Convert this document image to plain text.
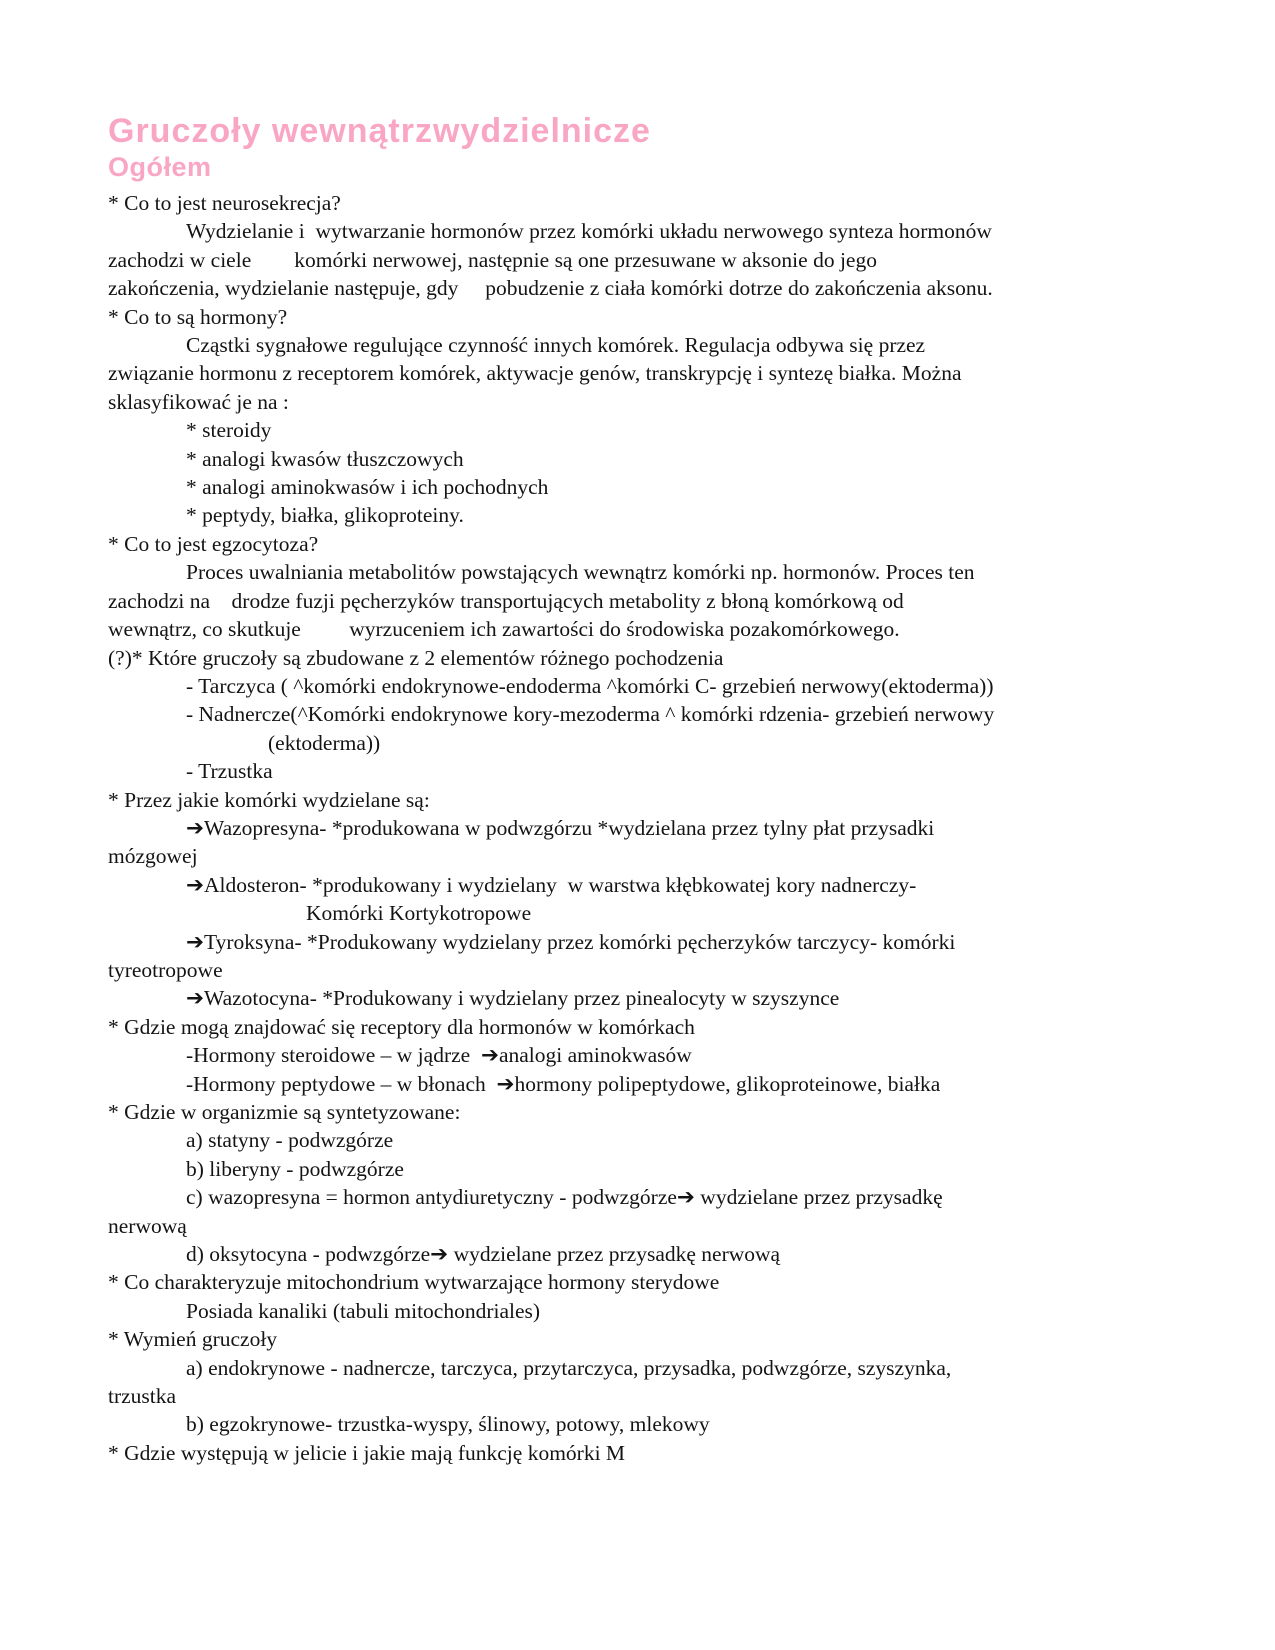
Gruczoły wewnątrzwydzielnicze
Ogółem
* Co to jest neurosekrecja?
Wydzielanie i  wytwarzanie hormonów przez komórki układu nerwowego synteza hormonów
zachodzi w ciele        komórki nerwowej, następnie są one przesuwane w aksonie do jego
zakończenia, wydzielanie następuje, gdy     pobudzenie z ciała komórki dotrze do zakończenia aksonu.
* Co to są hormony?
Cząstki sygnałowe regulujące czynność innych komórek. Regulacja odbywa się przez
związanie hormonu z receptorem komórek, aktywacje genów, transkrypcję i syntezę białka. Można
sklasyfikować je na :
* steroidy
* analogi kwasów tłuszczowych
* analogi aminokwasów i ich pochodnych
* peptydy, białka, glikoproteiny.
* Co to jest egzocytoza?
Proces uwalniania metabolitów powstających wewnątrz komórki np. hormonów. Proces ten
zachodzi na    drodze fuzji pęcherzyków transportujących metabolity z błoną komórkową od
wewnątrz, co skutkuje         wyrzuceniem ich zawartości do środowiska pozakomórkowego.
(?)* Które gruczoły są zbudowane z 2 elementów różnego pochodzenia
- Tarczyca ( ^komórki endokrynowe-endoderma ^komórki C- grzebień nerwowy(ektoderma))
- Nadnercze(^Komórki endokrynowe kory-mezoderma ^ komórki rdzenia- grzebień nerwowy
(ektoderma))
- Trzustka
* Przez jakie komórki wydzielane są:
➔Wazopresyna- *produkowana w podwzgórzu *wydzielana przez tylny płat przysadki
mózgowej
➔Aldosteron- *produkowany i wydzielany  w warstwa kłębkowatej kory nadnerczy-
Komórki Kortykotropowe
➔Tyroksyna- *Produkowany wydzielany przez komórki pęcherzyków tarczycy- komórki
tyreotropowe
➔Wazotocyna- *Produkowany i wydzielany przez pinealocyty w szyszynce
* Gdzie mogą znajdować się receptory dla hormonów w komórkach
-Hormony steroidowe – w jądrze  ➔analogi aminokwasów
-Hormony peptydowe – w błonach  ➔hormony polipeptydowe, glikoproteinowe, białka
* Gdzie w organizmie są syntetyzowane:
a) statyny - podwzgórze
b) liberyny - podwzgórze
c) wazopresyna = hormon antydiuretyczny - podwzgórze➔ wydzielane przez przysadkę
nerwową
d) oksytocyna - podwzgórze➔ wydzielane przez przysadkę nerwową
* Co charakteryzuje mitochondrium wytwarzające hormony sterydowe
Posiada kanaliki (tabuli mitochondriales)
* Wymień gruczoły
a) endokrynowe - nadnercze, tarczyca, przytarczyca, przysadka, podwzgórze, szyszynka,
trzustka
b) egzokrynowe- trzustka-wyspy, ślinowy, potowy, mlekowy
* Gdzie występują w jelicie i jakie mają funkcję komórki M
